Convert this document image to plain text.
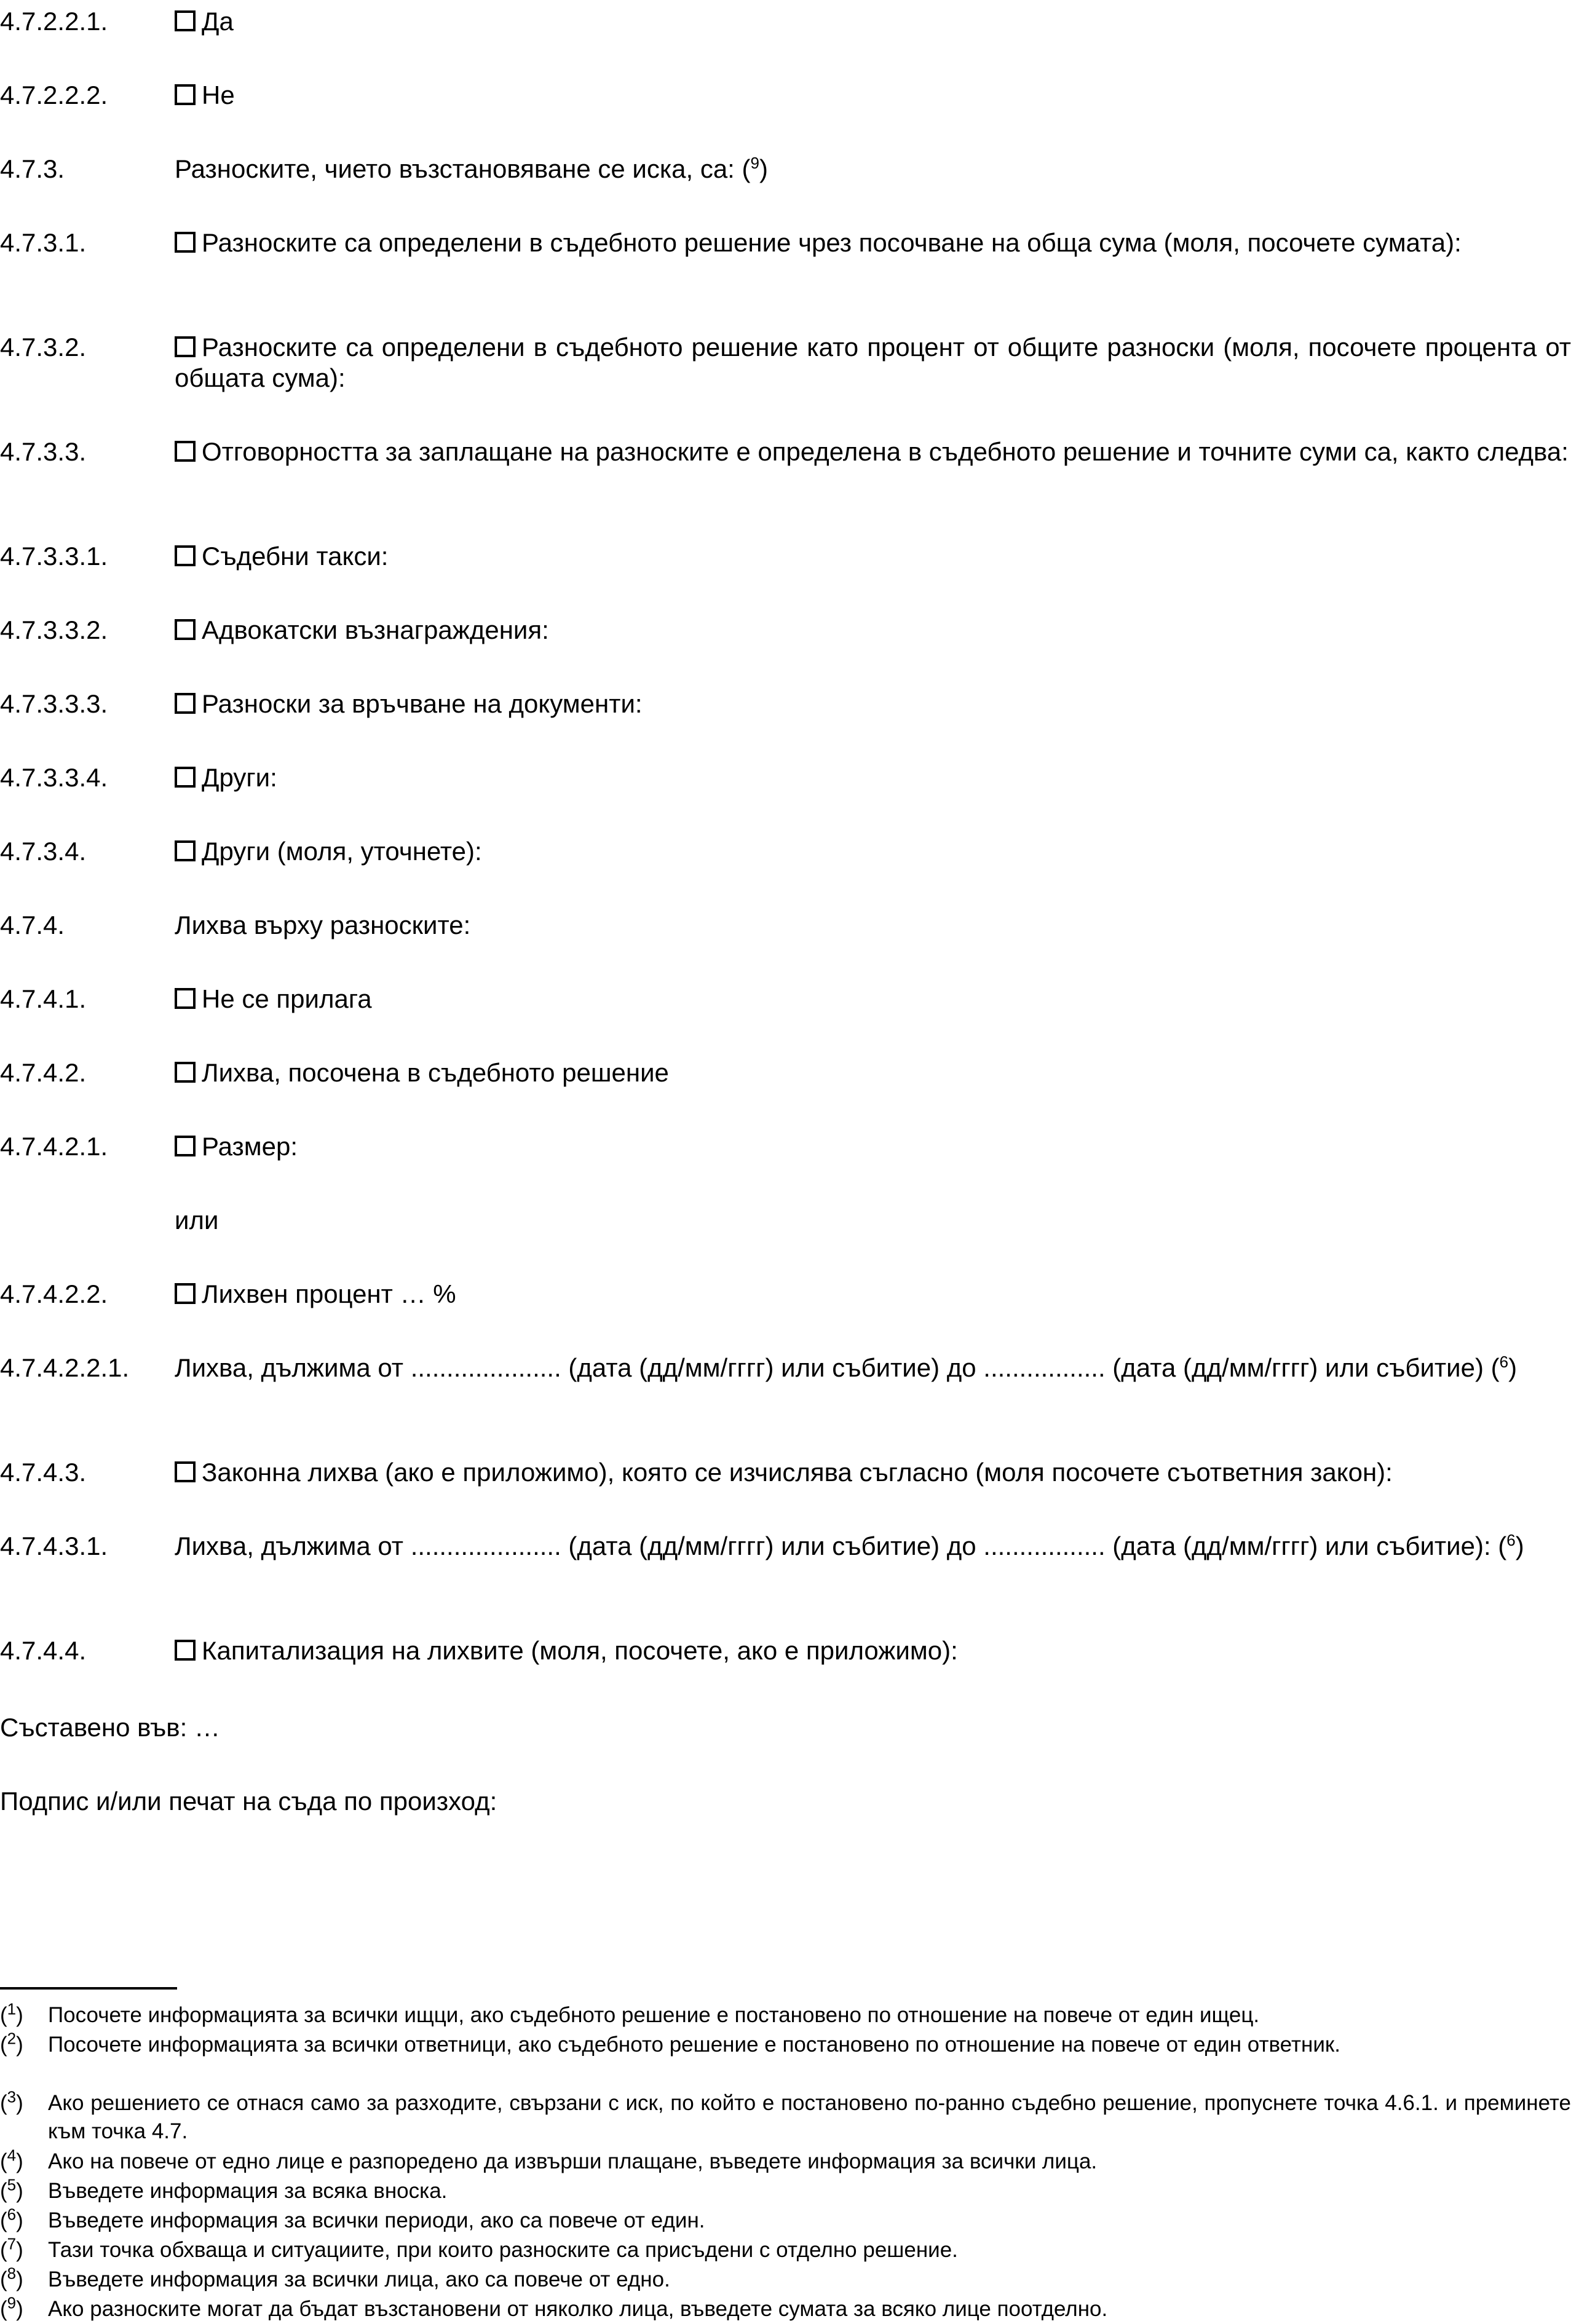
4.7.2.2.1.	Да
4.7.2.2.2.	Не
4.7.3.	Разноските, чието възстановяване се иска, са: ($^9$)
4.7.3.1.	Разноските са определени в съдебното решение чрез посочване на обща сума (моля, посочете сумата):
4.7.3.2.	Разноските са определени в съдебното решение като процент от общите разноски (моля, посочете процента от общата сума):
4.7.3.3.	Отговорността за заплащане на разноските е определена в съдебното решение и точните суми са, както следва:
4.7.3.3.1.	Съдебни такси:
4.7.3.3.2.	Адвокатски възнаграждения:
4.7.3.3.3.	Разноски за връчване на документи:
4.7.3.3.4.	Други:
4.7.3.4.	Други (моля, уточнете):
4.7.4.	Лихва върху разноските:
4.7.4.1.	Не се прилага
4.7.4.2.	Лихва, посочена в съдебното решение
4.7.4.2.1.	Размер:
или
4.7.4.2.2.	Лихвен процент … %
4.7.4.2.2.1.	Лихва, дължима от ..................... (дата (дд/мм/гггг) или събитие) до ................. (дата (дд/мм/гггг) или събитие) ($^6$)
4.7.4.3.	Законна лихва (ако е приложимо), която се изчислява съгласно (моля посочете съответния закон):
4.7.4.3.1.	Лихва, дължима от ..................... (дата (дд/мм/гггг) или събитие) до ................. (дата (дд/мм/гггг) или събитие): ($^6$)
4.7.4.4.	Капитализация на лихвите (моля, посочете, ако е приложимо):
Съставено във: …
Подпис и/или печат на съда по произход:
($^1$) Посочете информацията за всички ищци, ако съдебното решение е постановено по отношение на повече от един ищец.
($^2$) Посочете информацията за всички ответници, ако съдебното решение е постановено по отношение на повече от един ответник.
($^3$) Ако решението се отнася само за разходите, свързани с иск, по който е постановено по-ранно съдебно решение, пропуснете точка 4.6.1. и преминете към точка 4.7.
($^4$) Ако на повече от едно лице е разпоредено да извърши плащане, въведете информация за всички лица.
($^5$) Въведете информация за всяка вноска.
($^6$) Въведете информация за всички периоди, ако са повече от един.
($^7$) Тази точка обхваща и ситуациите, при които разноските са присъдени с отделно решение.
($^8$) Въведете информация за всички лица, ако са повече от едно.
($^9$) Ако разноските могат да бъдат възстановени от няколко лица, въведете сумата за всяко лице поотделно.
